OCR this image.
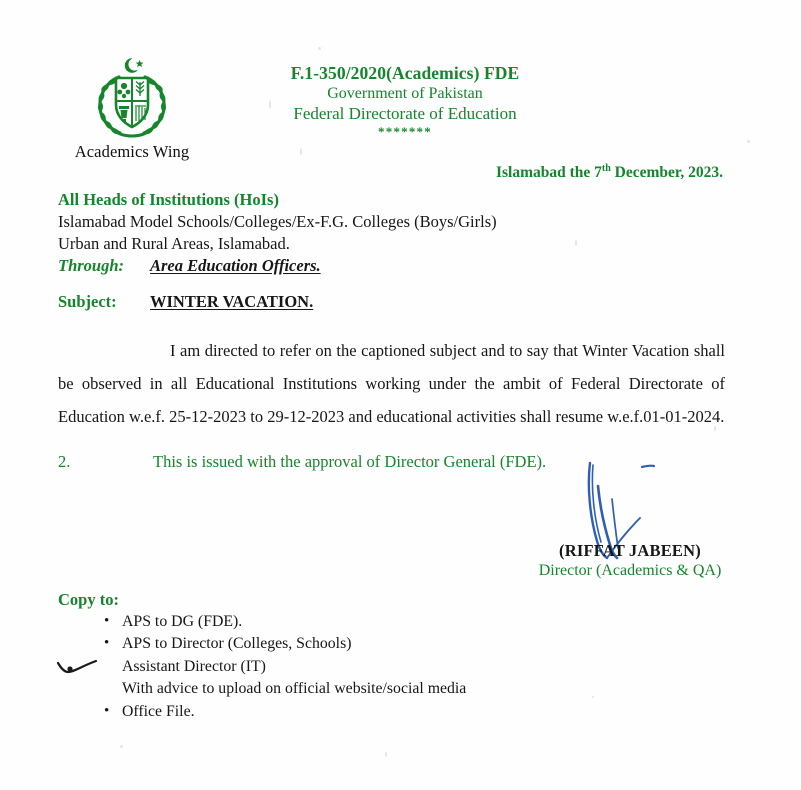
Academics Wing
F.1-350/2020(Academics) FDE
Government of Pakistan
Federal Directorate of Education
*******
Islamabad the 7th December, 2023.
All Heads of Institutions (HoIs)
Islamabad Model Schools/Colleges/Ex-F.G. Colleges (Boys/Girls)
Urban and Rural Areas, Islamabad.
Through: Area Education Officers.
Subject: WINTER VACATION.
I am directed to refer on the captioned subject and to say that Winter Vacation shall be observed in all Educational Institutions working under the ambit of Federal Directorate of Education w.e.f. 25-12-2023 to 29-12-2023 and educational activities shall resume w.e.f.01-01-2024.
2.	This is issued with the approval of Director General (FDE).
(RIFFAT JABEEN)
Director (Academics & QA)
Copy to:
• APS to DG (FDE).
• APS to Director (Colleges, Schools)
Assistant Director (IT)
With advice to upload on official website/social media
• Office File.
